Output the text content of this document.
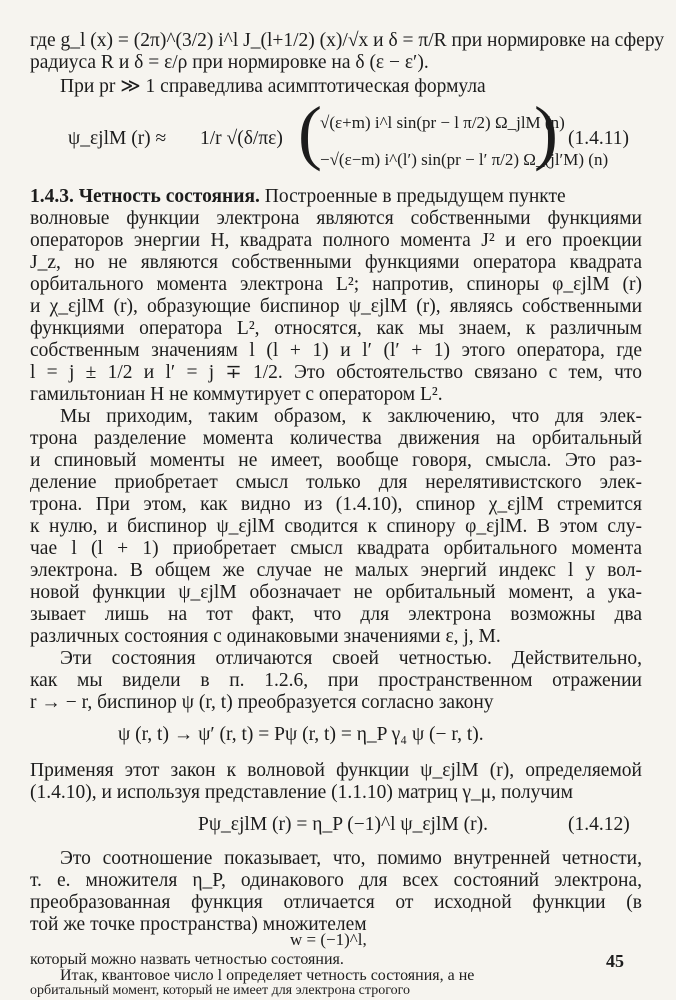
где g_l (x) = (2π)^(3/2) i^l J_(l+1/2) (x)/√x и δ = π/R при нормировке на сферу
радиуса R и δ = ε/ρ при нормировке на δ (ε − ε′).
При pr ≫ 1 справедлива асимптотическая формула
ψ_εjlM (r) ≈ 1/r √(δ/πε) (
√(ε+m) i^l sin(pr − l π/2) Ω_jlM (n)
−√(ε−m) i^(l′) sin(pr − l′ π/2) Ω_(jl′M) (n)
) (1.4.11)
1.4.3. Четность состояния. Построенные в предыдущем пункте
волновые функции электрона являются собственными функциями
операторов энергии H, квадрата полного момента J² и его проекции
J_z, но не являются собственными функциями оператора квадрата
орбитального момента электрона L²; напротив, спиноры φ_εjlM (r)
и χ_εjlM (r), образующие биспинор ψ_εjlM (r), являясь собственными
функциями оператора L², относятся, как мы знаем, к различным
собственным значениям l (l + 1) и l′ (l′ + 1) этого оператора, где
l = j ± 1/2 и l′ = j ∓ 1/2. Это обстоятельство связано с тем, что
гамильтониан H не коммутирует с оператором L².
Мы приходим, таким образом, к заключению, что для элек-
трона разделение момента количества движения на орбитальный
и спиновый моменты не имеет, вообще говоря, смысла. Это раз-
деление приобретает смысл только для нерелятивистского элек-
трона. При этом, как видно из (1.4.10), спинор χ_εjlM стремится
к нулю, и биспинор ψ_εjlM сводится к спинору φ_εjlM. В этом слу-
чае l (l + 1) приобретает смысл квадрата орбитального момента
электрона. В общем же случае не малых энергий индекс l у вол-
новой функции ψ_εjlM обозначает не орбитальный момент, а ука-
зывает лишь на тот факт, что для электрона возможны два
различных состояния с одинаковыми значениями ε, j, M.
Эти состояния отличаются своей четностью. Действительно,
как мы видели в п. 1.2.6, при пространственном отражении
r → − r, биспинор ψ (r, t) преобразуется согласно закону
ψ (r, t) → ψ′ (r, t) = Pψ (r, t) = η_P γ₄ ψ (− r, t).
Применяя этот закон к волновой функции ψ_εjlM (r), определяемой
(1.4.10), и используя представление (1.1.10) матриц γ_μ, получим
Pψ_εjlM (r) = η_P (−1)^l ψ_εjlM (r).	(1.4.12)
Это соотношение показывает, что, помимо внутренней четности,
т. е. множителя η_P, одинакового для всех состояний электрона,
преобразованная функция отличается от исходной функции (в
той же точке пространства) множителем
w = (−1)^l,
который можно назвать четностью состояния.
Итак, квантовое число l определяет четность состояния, а не
орбитальный момент, который не имеет для электрона строгого
45
